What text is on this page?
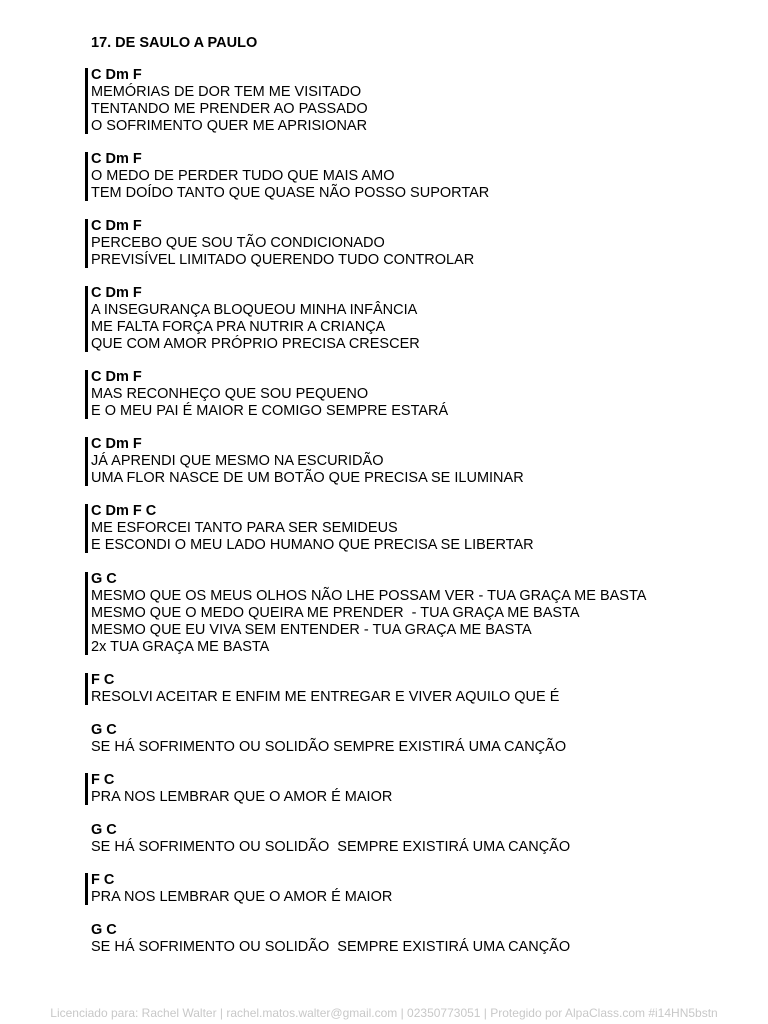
17. DE SAULO A PAULO
C Dm F
MEMÓRIAS DE DOR TEM ME VISITADO
TENTANDO ME PRENDER AO PASSADO
O SOFRIMENTO QUER ME APRISIONAR
C Dm F
O MEDO DE PERDER TUDO QUE MAIS AMO
TEM DOÍDO TANTO QUE QUASE NÃO POSSO SUPORTAR
C Dm F
PERCEBO QUE SOU TÃO CONDICIONADO
PREVISÍVEL LIMITADO QUERENDO TUDO CONTROLAR
C Dm F
A INSEGURANÇA BLOQUEOU MINHA INFÂNCIA
ME FALTA FORÇA PRA NUTRIR A CRIANÇA
QUE COM AMOR PRÓPRIO PRECISA CRESCER
C Dm F
MAS RECONHEÇO QUE SOU PEQUENO
E O MEU PAI É MAIOR E COMIGO SEMPRE ESTARÁ
C Dm F
JÁ APRENDI QUE MESMO NA ESCURIDÃO
UMA FLOR NASCE DE UM BOTÃO QUE PRECISA SE ILUMINAR
C Dm F C
ME ESFORCEI TANTO PARA SER SEMIDEUS
E ESCONDI O MEU LADO HUMANO QUE PRECISA SE LIBERTAR
G C
MESMO QUE OS MEUS OLHOS NÃO LHE POSSAM VER - TUA GRAÇA ME BASTA
MESMO QUE O MEDO QUEIRA ME PRENDER  - TUA GRAÇA ME BASTA
MESMO QUE EU VIVA SEM ENTENDER - TUA GRAÇA ME BASTA
2x TUA GRAÇA ME BASTA
F C
RESOLVI ACEITAR E ENFIM ME ENTREGAR E VIVER AQUILO QUE É
G C
SE HÁ SOFRIMENTO OU SOLIDÃO SEMPRE EXISTIRÁ UMA CANÇÃO
F C
PRA NOS LEMBRAR QUE O AMOR É MAIOR
G C
SE HÁ SOFRIMENTO OU SOLIDÃO  SEMPRE EXISTIRÁ UMA CANÇÃO
F C
PRA NOS LEMBRAR QUE O AMOR É MAIOR
G C
SE HÁ SOFRIMENTO OU SOLIDÃO  SEMPRE EXISTIRÁ UMA CANÇÃO
Licenciado para: Rachel Walter | rachel.matos.walter@gmail.com | 02350773051 | Protegido por AlpaClass.com #i14HN5bstn
